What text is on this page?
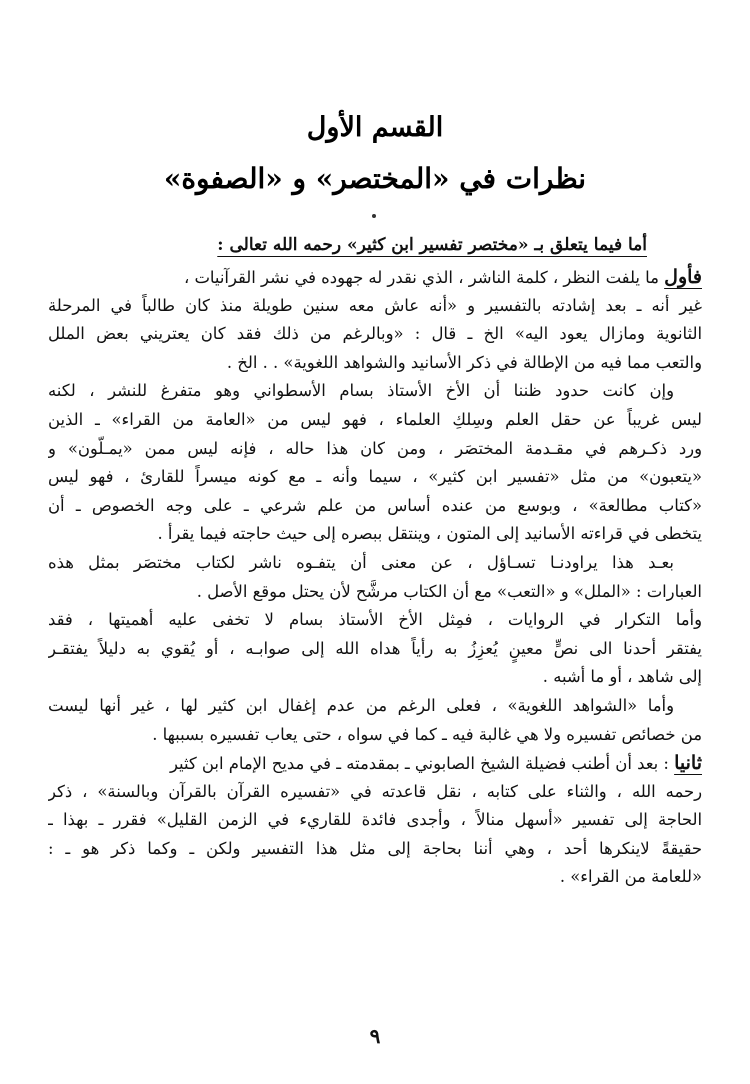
القسم الأول
نظرات في «المختصر» و «الصفوة»
أما فيما يتعلق بـ «مختصر تفسير ابن كثير» رحمه الله تعالى :
فأول ما يلفت النظر ، كلمة الناشر ، الذي نقدر له جهوده في نشر القرآنيات ،
غير أنه ـ بعد إشادته بالتفسير و «أنه عاش معه سنين طويلة منذ كان طالباً في المرحلة
الثانوية ومازال يعود اليه» الخ ـ قال : «وبالرغم من ذلك فقد كان يعتريني بعض الملل
والتعب مما فيه من الإطالة في ذكر الأسانيد والشواهد اللغوية» . . الخ .
وإن كانت حدود ظننا أن الأخ الأستاذ بسام الأسطواني وهو متفرغ للنشر ، لكنه
ليس غريباً عن حقل العلم وسِلكِ العلماء ، فهو ليس من «العامة من القراء» ـ الذين
ورد ذكـرهم في مقـدمة المختصَر ، ومن كان هذا حاله ، فإنه ليس ممن «يمـلّون» و
«يتعبون» من مثل «تفسير ابن كثير» ، سيما وأنه ـ مع كونه ميسراً للقارئ ، فهو ليس
«كتاب مطالعة» ، وبوسع من عنده أساس من علم شرعي ـ على وجه الخصوص ـ أن
يتخطى في قراءته الأسانيد إلى المتون ، وينتقل ببصره إلى حيث حاجته فيما يقرأ .
بعـد هذا يراودنـا تسـاؤل ، عن معنى أن يتفـوه ناشر لكتاب مختصَر بمثل هذه
العبارات : «الملل» و «التعب» مع أن الكتاب مرشَّح لأن يحتل موقع الأصل .
وأما التكرار في الروايات ، فمِثل الأخ الأستاذ بسام لا تخفى عليه أهميتها ، فقد
يفتقر أحدنا الى نصٍّ معينٍ يُعزِزُ به رأياً هداه الله إلى صوابـه ، أو يُقوي به دليلاً يفتقـر
إلى شاهد ، أو ما أشبه .
وأما «الشواهد اللغوية» ، فعلى الرغم من عدم إغفال ابن كثير لها ، غير أنها ليست
من خصائص تفسيره ولا هي غالبة فيه ـ كما في سواه ، حتى يعاب تفسيره بسببها .
ثانيا : بعد أن أطنب فضيلة الشيخ الصابوني ـ بمقدمته ـ في مديح الإمام ابن كثير
رحمه الله ، والثناء على كتابه ، نقل قاعدته في «تفسيره القرآن بالقرآن وبالسنة» ، ذكر
الحاجة إلى تفسير «أسهل منالاً ، وأجدى فائدة للقاريء في الزمن القليل» فقرر ـ بهذا ـ
حقيقةً لاينكرها أحد ، وهي أننا بحاجة إلى مثل هذا التفسير ولكن ـ وكما ذكر هو ـ :
«للعامة من القراء» .
٩
